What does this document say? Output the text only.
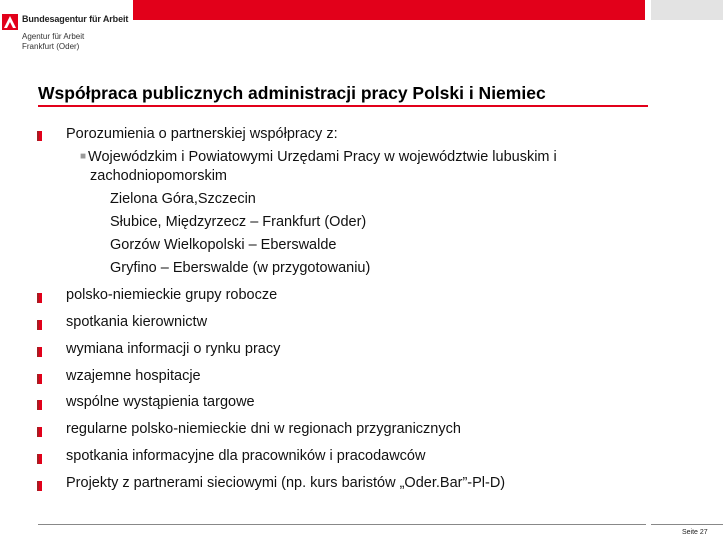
Bundesagentur für Arbeit
Agentur für Arbeit
Frankfurt (Oder)
Współpraca publicznych administracji pracy Polski i Niemiec
Porozumienia o partnerskiej współpracy z:
■ Wojewódzkim i Powiatowymi Urzędami Pracy w województwie lubuskim i
zachodniopomorskim
Zielona Góra,Szczecin
Słubice, Międzyrzecz – Frankfurt (Oder)
Gorzów Wielkopolski – Eberswalde
Gryfino – Eberswalde (w przygotowaniu)
polsko-niemieckie grupy robocze
spotkania kierownictw
wymiana informacji o rynku pracy
wzajemne hospitacje
wspólne wystąpienia targowe
regularne polsko-niemieckie dni w regionach przygranicznych
spotkania informacyjne dla pracowników i pracodawców
Projekty z partnerami sieciowymi (np. kurs baristów „Oder.Bar”-Pl-D)
Seite 27
